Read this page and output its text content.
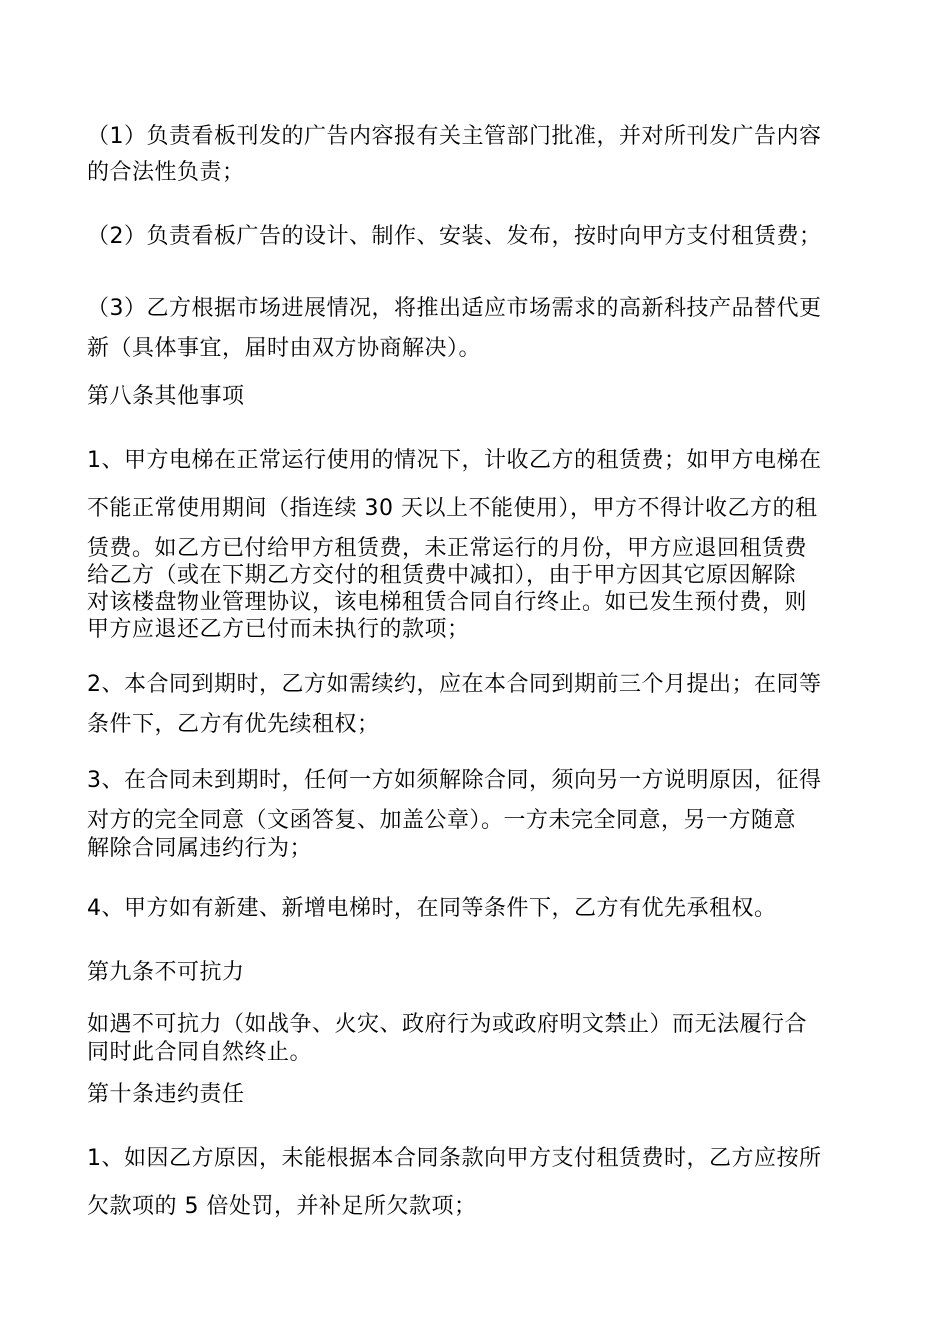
（1）负责看板刊发的广告内容报有关主管部门批准，并对所刊发广告内容
的合法性负责；
（2）负责看板广告的设计、制作、安装、发布，按时向甲方支付租赁费；
（3）乙方根据市场进展情况，将推出适应市场需求的高新科技产品替代更
新（具体事宜，届时由双方协商解决）。
第八条其他事项
1、甲方电梯在正常运行使用的情况下，计收乙方的租赁费；如甲方电梯在
不能正常使用期间（指连续 30 天以上不能使用），甲方不得计收乙方的租
赁费。如乙方已付给甲方租赁费，未正常运行的月份，甲方应退回租赁费
给乙方（或在下期乙方交付的租赁费中减扣），由于甲方因其它原因解除
对该楼盘物业管理协议，该电梯租赁合同自行终止。如已发生预付费，则
甲方应退还乙方已付而未执行的款项；
2、本合同到期时，乙方如需续约，应在本合同到期前三个月提出；在同等
条件下，乙方有优先续租权；
3、在合同未到期时，任何一方如须解除合同，须向另一方说明原因，征得
对方的完全同意（文函答复、加盖公章）。一方未完全同意，另一方随意
解除合同属违约行为；
4、甲方如有新建、新增电梯时，在同等条件下，乙方有优先承租权。
第九条不可抗力
如遇不可抗力（如战争、火灾、政府行为或政府明文禁止）而无法履行合
同时此合同自然终止。
第十条违约责任
1、如因乙方原因，未能根据本合同条款向甲方支付租赁费时，乙方应按所
欠款项的 5 倍处罚，并补足所欠款项；
